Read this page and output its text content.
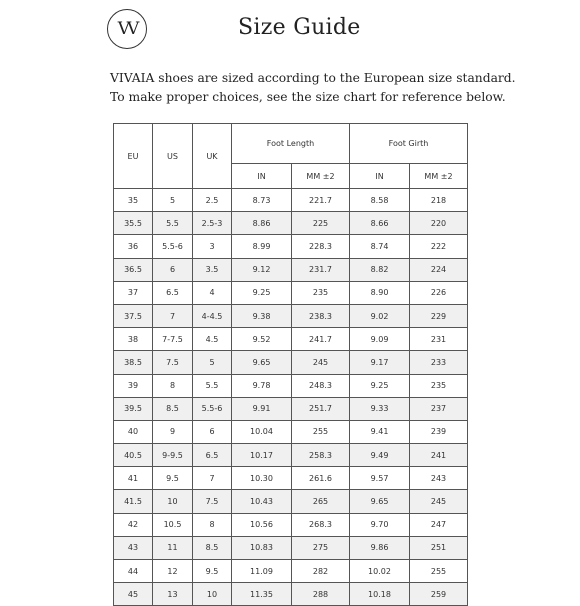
VV	Size Guide
VIVAIA shoes are sized according to the European size standard.
To make proper choices, see the size chart for reference below.
EU	US	UK	Foot Length		Foot Girth	
			IN	MM ±2	IN	MM ±2
35	5	2.5	8.73	221.7	8.58	218
35.5	5.5	2.5-3	8.86	225	8.66	220
36	5.5-6	3	8.99	228.3	8.74	222
36.5	6	3.5	9.12	231.7	8.82	224
37	6.5	4	9.25	235	8.90	226
37.5	7	4-4.5	9.38	238.3	9.02	229
38	7-7.5	4.5	9.52	241.7	9.09	231
38.5	7.5	5	9.65	245	9.17	233
39	8	5.5	9.78	248.3	9.25	235
39.5	8.5	5.5-6	9.91	251.7	9.33	237
40	9	6	10.04	255	9.41	239
40.5	9-9.5	6.5	10.17	258.3	9.49	241
41	9.5	7	10.30	261.6	9.57	243
41.5	10	7.5	10.43	265	9.65	245
42	10.5	8	10.56	268.3	9.70	247
43	11	8.5	10.83	275	9.86	251
44	12	9.5	11.09	282	10.02	255
45	13	10	11.35	288	10.18	259
